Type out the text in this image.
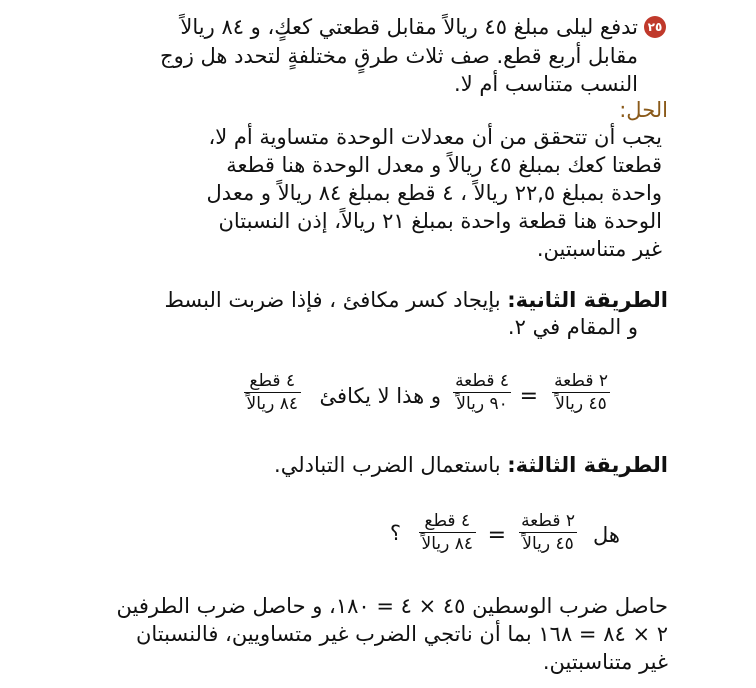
٢٥
تدفع ليلى مبلغ ٤٥ ريالاً مقابل قطعتي كعكٍ، و ٨٤ ريالاً
مقابل أربع قطع. صف ثلاث طرقٍ مختلفةٍ لتحدد هل زوج
النسب متناسب أم لا.
الحل:
يجب أن تتحقق من أن معدلات الوحدة متساوية أم لا،
قطعتا كعك بمبلغ ٤٥ ريالاً و معدل الوحدة هنا قطعة
واحدة بمبلغ ٢٢,٥ ريالاً ، ٤ قطع بمبلغ ٨٤ ريالاً و معدل
الوحدة هنا قطعة واحدة بمبلغ ٢١ ريالاً، إذن النسبتان
غير متناسبتين.
الطريقة الثانية: بإيجاد كسر مكافئ ، فإذا ضربت البسط
و المقام في ٢.
٢ قطعة
٤٥ ريالاً
=
٤ قطعة
٩٠ ريالاً
و هذا لا يكافئ
٤ قطع
٨٤ ريالاً
الطريقة الثالثة: باستعمال الضرب التبادلي.
هل
٢ قطعة
٤٥ ريالاً
=
٤ قطع
٨٤ ريالاً
؟
حاصل ضرب الوسطين ٤٥ × ٤ = ١٨٠، و حاصل ضرب الطرفين
٢ × ٨٤ = ١٦٨ بما أن ناتجي الضرب غير متساويين، فالنسبتان
غير متناسبتين.
